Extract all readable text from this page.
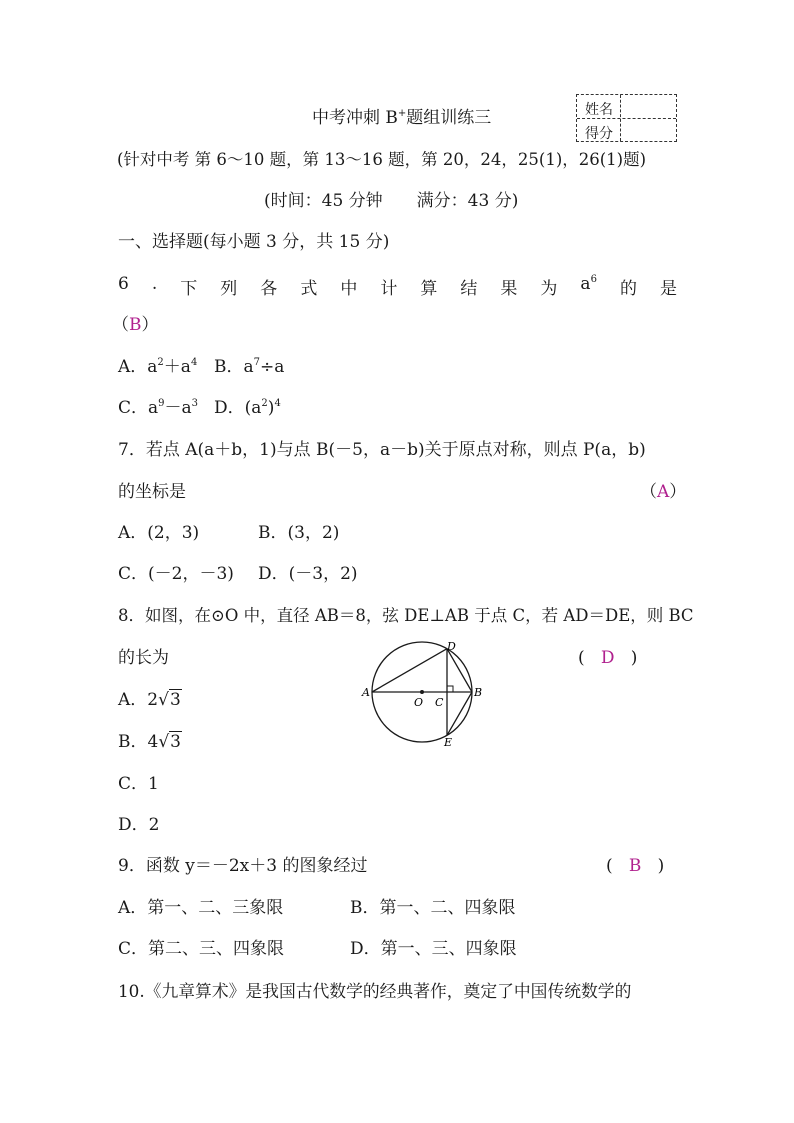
中考冲刺 B+题组训练三	姓名
得分
(针对中考 第 6～10 题，第 13～16 题，第 20，24，25(1)，26(1)题)
(时间：45 分钟　　满分：43 分)
一、选择题(每小题 3 分，共 15 分)
6 . 下 列 各 式 中 计 算 结 果 为 $a^6$ 的 是
（B）
A．$a^2+a^4$ B．$a^7\div a$
C．$a^9-a^3$ D．$(a^2)^4$
7．若点 A(a＋b，1)与点 B(－5，a－b)关于原点对称，则点 P(a，b)
的坐标是	（A）
A．(2，3)	B．(3，2)
C．(－2，－3) D．(－3，2)
8．如图，在⊙O 中，直径 AB＝8，弦 DE⊥AB 于点 C，若 AD＝DE，则 BC
的长为	( D )
A	B
O C
D
E
A．2√3
B．4√3
C．1
D．2
9．函数 y＝－2x＋3 的图象经过	( B )
A．第一、二、三象限	B．第一、二、四象限
C．第二、三、四象限	D．第一、三、四象限
10.《九章算术》是我国古代数学的经典著作，奠定了中国传统数学的
